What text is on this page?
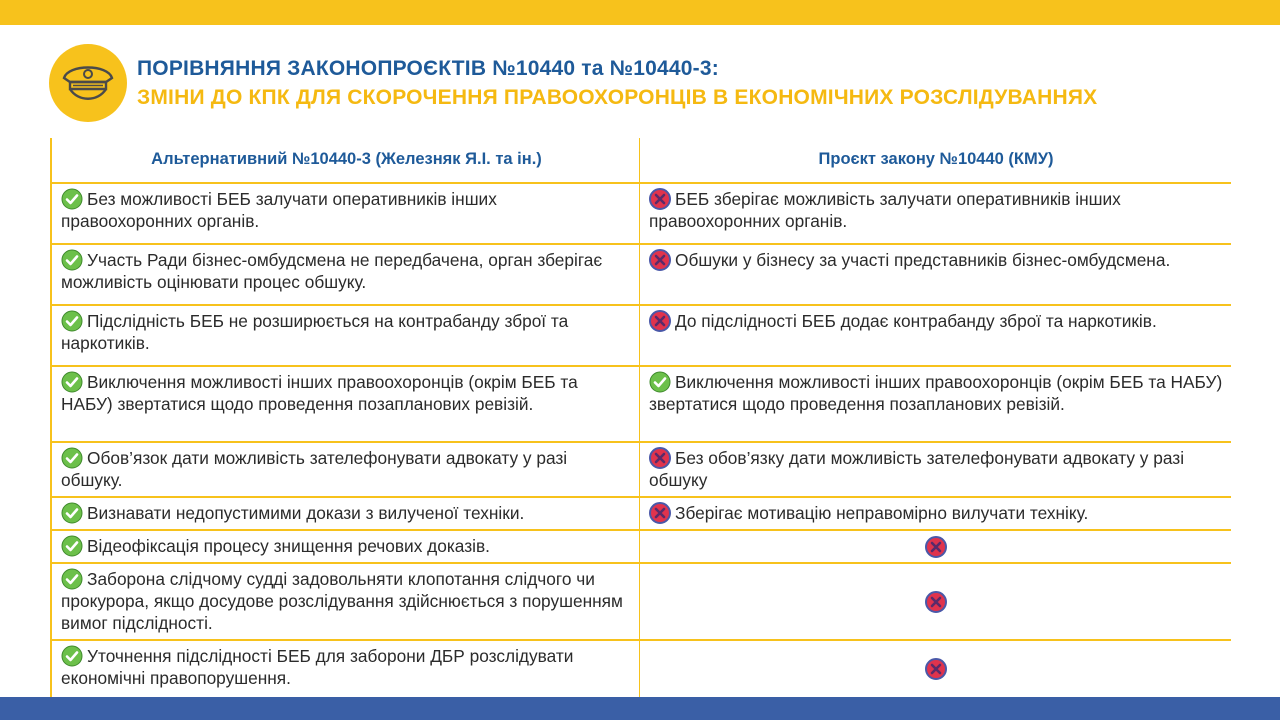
ПОРІВНЯННЯ ЗАКОНОПРОЄКТІВ №10440 та №10440-3:
ЗМІНИ ДО КПК ДЛЯ СКОРОЧЕННЯ ПРАВООХОРОНЦІВ В ЕКОНОМІЧНИХ РОЗСЛІДУВАННЯХ
Альтернативний №10440-3 (Железняк Я.І. та ін.)	Проєкт закону №10440 (КМУ)
Без можливості БЕБ залучати оперативників інших правоохоронних органів.
БЕБ зберігає можливість залучати оперативників інших правоохоронних органів.
Участь Ради бізнес-омбудсмена не передбачена, орган зберігає можливість оцінювати процес обшуку.
Обшуки у бізнесу за участі представників бізнес-омбудсмена.
Підслідність БЕБ не розширюється на контрабанду зброї та наркотиків.
До підслідності БЕБ додає контрабанду зброї та наркотиків.
Виключення можливості інших правоохоронців (окрім БЕБ та НАБУ) звертатися щодо проведення позапланових ревізій.
Виключення можливості інших правоохоронців (окрім БЕБ та НАБУ) звертатися щодо проведення позапланових ревізій.
Обов’язок дати можливість зателефонувати адвокату у разі обшуку.
Без обов’язку дати можливість зателефонувати адвокату у разі обшуку
Визнавати недопустимими докази з вилученої техніки.	Зберігає мотивацію неправомірно вилучати техніку.
Відеофіксація процесу знищення речових доказів.
Заборона слідчому судді задовольняти клопотання слідчого чи прокурора, якщо досудове розслідування здійснюється з порушенням вимог підслідності.
Уточнення підслідності БЕБ для заборони ДБР розслідувати економічні правопорушення.
